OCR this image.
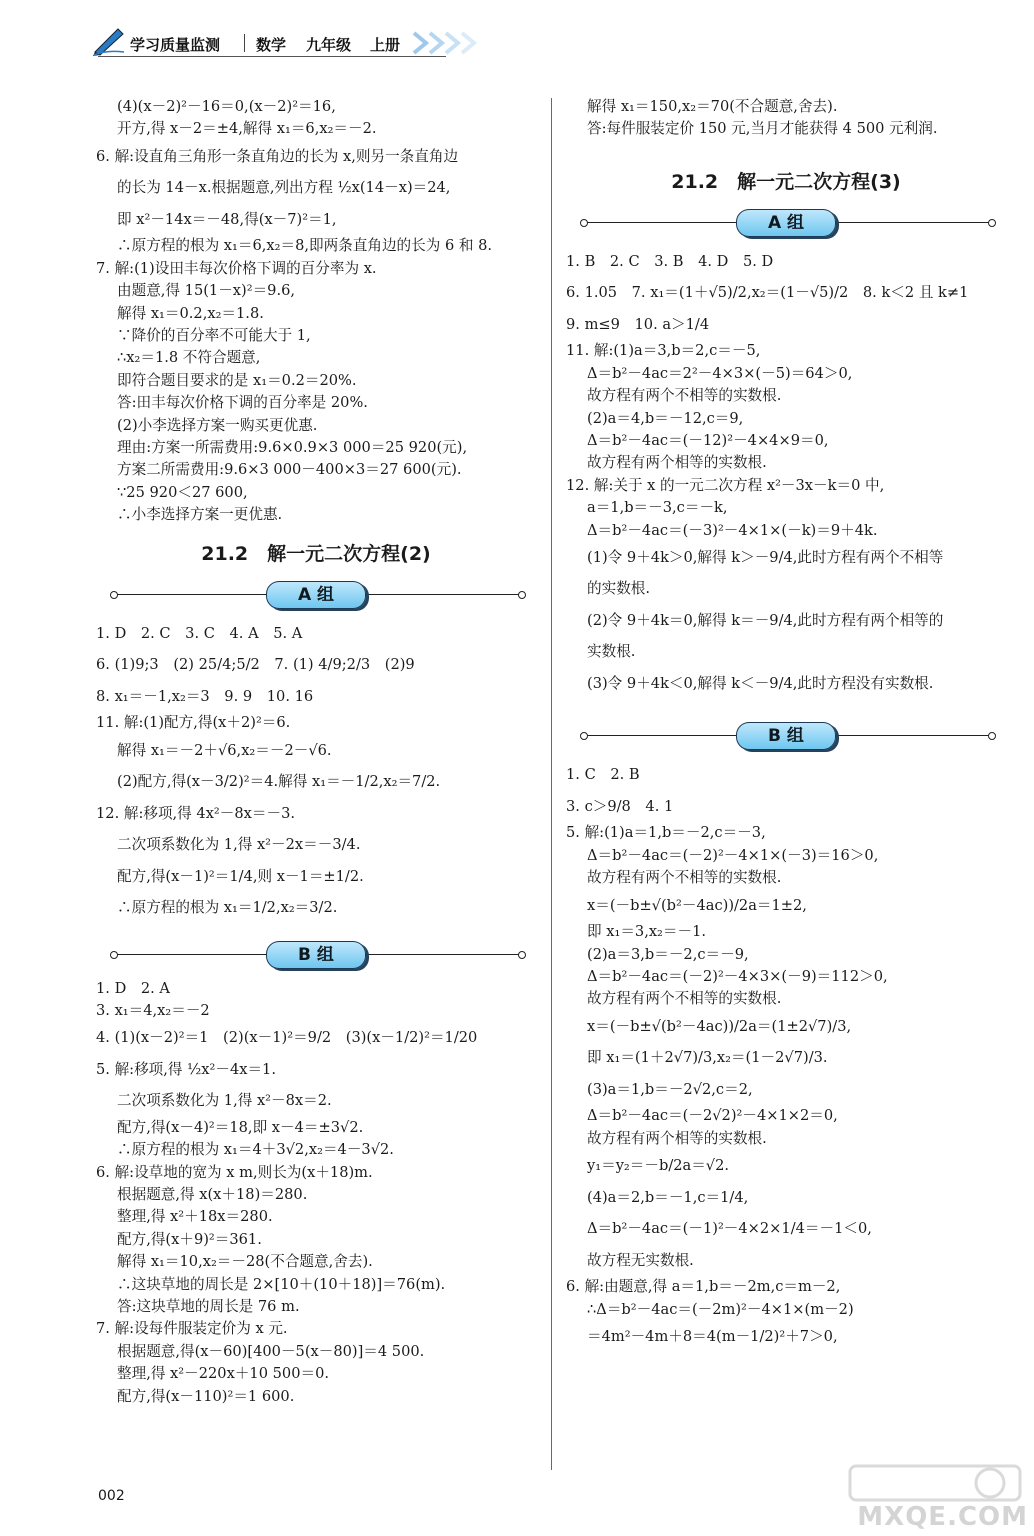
学习质量监测 数学 九年级 上册
(4)(x－2)²－16＝0,(x－2)²＝16,
开方,得 x－2＝±4,解得 x₁＝6,x₂＝－2.
6. 解:设直角三角形一条直角边的长为 x,则另一条直角边
的长为 14－x.根据题意,列出方程 ½x(14－x)＝24,
即 x²－14x＝－48,得(x－7)²＝1,
∴原方程的根为 x₁＝6,x₂＝8,即两条直角边的长为 6 和 8.
7. 解:(1)设田丰每次价格下调的百分率为 x.
由题意,得 15(1－x)²＝9.6,
解得 x₁＝0.2,x₂＝1.8.
∵降价的百分率不可能大于 1,
∴x₂＝1.8 不符合题意,
即符合题目要求的是 x₁＝0.2＝20%.
答:田丰每次价格下调的百分率是 20%.
(2)小李选择方案一购买更优惠.
理由:方案一所需费用:9.6×0.9×3 000＝25 920(元),
方案二所需费用:9.6×3 000－400×3＝27 600(元).
∵25 920＜27 600,
∴小李选择方案一更优惠.
21.2　解一元二次方程(2)
A 组
1. D　2. C　3. C　4. A　5. A
6. (1)9;3　(2) 25/4;5/2　7. (1) 4/9;2/3　(2)9
8. x₁＝－1,x₂＝3　9. 9　10. 16
11. 解:(1)配方,得(x＋2)²＝6.
解得 x₁＝－2＋√6,x₂＝－2－√6.
(2)配方,得(x－3/2)²＝4.解得 x₁＝－1/2,x₂＝7/2.
12. 解:移项,得 4x²－8x＝－3.
二次项系数化为 1,得 x²－2x＝－3/4.
配方,得(x－1)²＝1/4,则 x－1＝±1/2.
∴原方程的根为 x₁＝1/2,x₂＝3/2.
B 组
1. D　2. A
3. x₁＝4,x₂＝－2
4. (1)(x－2)²＝1　(2)(x－1)²＝9/2　(3)(x－1/2)²＝1/20
5. 解:移项,得 ½x²－4x＝1.
二次项系数化为 1,得 x²－8x＝2.
配方,得(x－4)²＝18,即 x－4＝±3√2.
∴原方程的根为 x₁＝4＋3√2,x₂＝4－3√2.
6. 解:设草地的宽为 x m,则长为(x＋18)m.
根据题意,得 x(x＋18)＝280.
整理,得 x²＋18x＝280.
配方,得(x＋9)²＝361.
解得 x₁＝10,x₂＝－28(不合题意,舍去).
∴这块草地的周长是 2×[10＋(10＋18)]＝76(m).
答:这块草地的周长是 76 m.
7. 解:设每件服装定价为 x 元.
根据题意,得(x－60)[400－5(x－80)]＝4 500.
整理,得 x²－220x＋10 500＝0.
配方,得(x－110)²＝1 600.
解得 x₁＝150,x₂＝70(不合题意,舍去).
答:每件服装定价 150 元,当月才能获得 4 500 元利润.
21.2　解一元二次方程(3)
A 组
1. B　2. C　3. B　4. D　5. D
6. 1.05　7. x₁＝(1＋√5)/2,x₂＝(1－√5)/2　8. k＜2 且 k≠1
9. m≤9　10. a＞1/4
11. 解:(1)a＝3,b＝2,c＝－5,
Δ＝b²－4ac＝2²－4×3×(－5)＝64＞0,
故方程有两个不相等的实数根.
(2)a＝4,b＝－12,c＝9,
Δ＝b²－4ac＝(－12)²－4×4×9＝0,
故方程有两个相等的实数根.
12. 解:关于 x 的一元二次方程 x²－3x－k＝0 中,
a＝1,b＝－3,c＝－k,
Δ＝b²－4ac＝(－3)²－4×1×(－k)＝9＋4k.
(1)令 9＋4k＞0,解得 k＞－9/4,此时方程有两个不相等
的实数根.
(2)令 9＋4k＝0,解得 k＝－9/4,此时方程有两个相等的
实数根.
(3)令 9＋4k＜0,解得 k＜－9/4,此时方程没有实数根.
B 组
1. C　2. B
3. c＞9/8　4. 1
5. 解:(1)a＝1,b＝－2,c＝－3,
Δ＝b²－4ac＝(－2)²－4×1×(－3)＝16＞0,
故方程有两个不相等的实数根.
x＝(－b±√(b²－4ac))/2a＝1±2,
即 x₁＝3,x₂＝－1.
(2)a＝3,b＝－2,c＝－9,
Δ＝b²－4ac＝(－2)²－4×3×(－9)＝112＞0,
故方程有两个不相等的实数根.
x＝(－b±√(b²－4ac))/2a＝(1±2√7)/3,
即 x₁＝(1＋2√7)/3,x₂＝(1－2√7)/3.
(3)a＝1,b＝－2√2,c＝2,
Δ＝b²－4ac＝(－2√2)²－4×1×2＝0,
故方程有两个相等的实数根.
y₁＝y₂＝－b/2a＝√2.
(4)a＝2,b＝－1,c＝1/4,
Δ＝b²－4ac＝(－1)²－4×2×1/4＝－1＜0,
故方程无实数根.
6. 解:由题意,得 a＝1,b＝－2m,c＝m－2,
∴Δ＝b²－4ac＝(－2m)²－4×1×(m－2)
＝4m²－4m＋8＝4(m－1/2)²＋7＞0,
002
MXQE.COM
